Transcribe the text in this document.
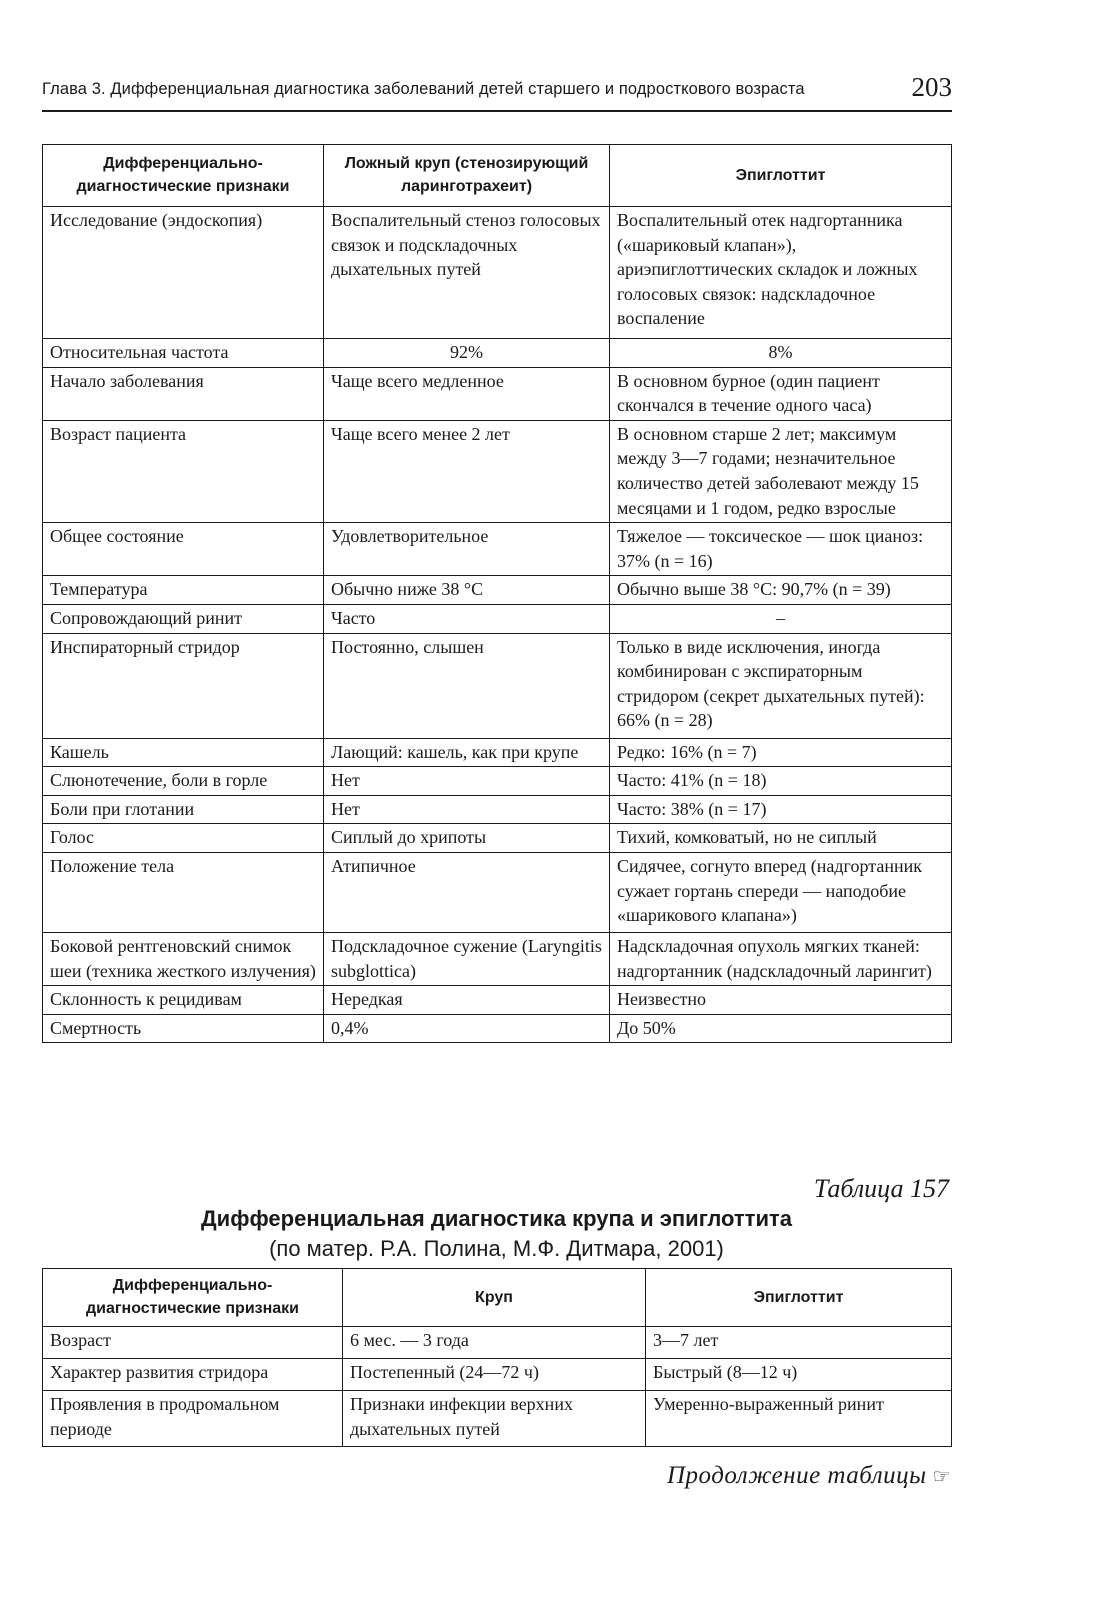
Глава 3. Дифференциальная диагностика заболеваний детей старшего и подросткового возраста	203
Дифференциально-диагностические признаки	Ложный круп (стенозирующий ларинготрахеит)	Эпиглоттит
Исследование (эндоскопия)	Воспалительный стеноз голосовых связок и подскладочных дыхательных путей	Воспалительный отек надгортанника («шариковый клапан»), ариэпиглоттических складок и ложных голосовых связок: надскладочное воспаление
Относительная частота	92%	8%
Начало заболевания	Чаще всего медленное	В основном бурное (один пациент скончался в течение одного часа)
Возраст пациента	Чаще всего менее 2 лет	В основном старше 2 лет; максимум между 3—7 годами; незначительное количество детей заболевают между 15 месяцами и 1 годом, редко взрослые
Общее состояние	Удовлетворительное	Тяжелое — токсическое — шок цианоз: 37% (n = 16)
Температура	Обычно ниже 38 °C	Обычно выше 38 °C: 90,7% (n = 39)
Сопровождающий ринит	Часто	–
Инспираторный стридор	Постоянно, слышен	Только в виде исключения, иногда комбинирован с экспираторным стридором (секрет дыхательных путей): 66% (n = 28)
Кашель	Лающий: кашель, как при крупе	Редко: 16% (n = 7)
Слюнотечение, боли в горле	Нет	Часто: 41% (n = 18)
Боли при глотании	Нет	Часто: 38% (n = 17)
Голос	Сиплый до хрипоты	Тихий, комковатый, но не сиплый
Положение тела	Атипичное	Сидячее, согнуто вперед (надгортанник сужает гортань спереди — наподобие «шарикового клапана»)
Боковой рентгеновский снимок шеи (техника жесткого излучения)	Подскладочное сужение (Laryngitis subglottica)	Надскладочная опухоль мягких тканей: надгортанник (надскладочный ларингит)
Склонность к рецидивам	Нередкая	Неизвестно
Смертность	0,4%	До 50%
Таблица 157
Дифференциальная диагностика крупа и эпиглоттита
(по матер. Р.А. Полина, М.Ф. Дитмара, 2001)
Дифференциально-диагностические признаки	Круп	Эпиглоттит
Возраст	6 мес. — 3 года	3—7 лет
Характер развития стридора	Постепенный (24—72 ч)	Быстрый (8—12 ч)
Проявления в продромальном периоде	Признаки инфекции верхних дыхательных путей	Умеренно-выраженный ринит
Продолжение таблицы ☞
